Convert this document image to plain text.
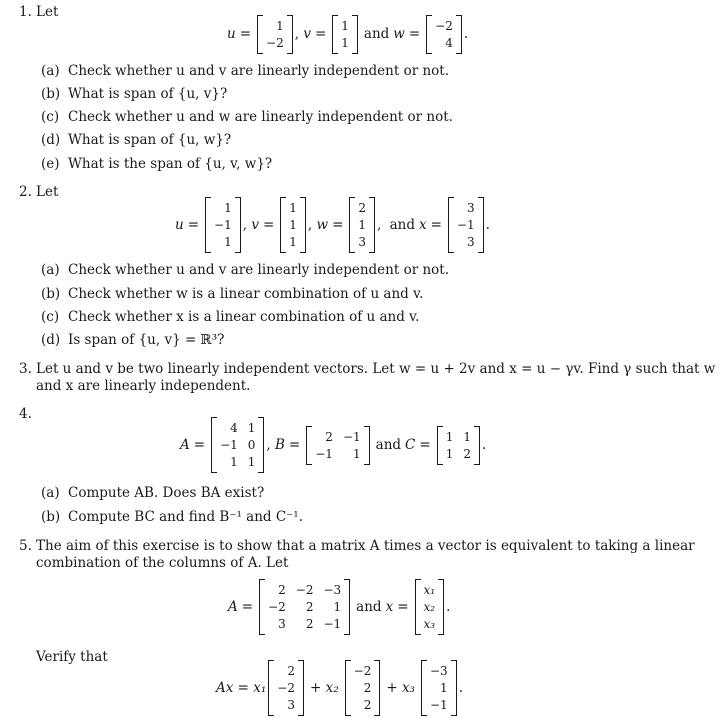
1. Let
u =
1
−2
, v =
1
1
and w =
−2
4
.
(a) Check whether u and v are linearly independent or not.
(b) What is span of {u, v}?
(c) Check whether u and w are linearly independent or not.
(d) What is span of {u, w}?
(e) What is the span of {u, v, w}?
2. Let
u =
1
−1
1
, v =
1
1
1
, w =
2
1
3
, and x =
3
−1
3
.
(a) Check whether u and v are linearly independent or not.
(b) Check whether w is a linear combination of u and v.
(c) Check whether x is a linear combination of u and v.
(d) Is span of {u, v} = ℝ³?
3. Let u and v be two linearly independent vectors. Let w = u + 2v and x = u − γv. Find γ such that w
and x are linearly independent.
4.
A =
4 1
−1 0
1 1
, B =
2 −1
−1	1
and C =
1 1
1 2
.
(a) Compute AB. Does BA exist?
(b) Compute BC and find B⁻¹ and C⁻¹.
5. The aim of this exercise is to show that a matrix A times a vector is equivalent to taking a linear
combination of the columns of A. Let
A =
2 −2 −3
−2	2	1
3	2 −1
and x =
x₁
x₂
x₃
.
Verify that
Ax = x₁
2
−2
3
+ x₂
−2
2
2
+ x₃
−3
1
−1
.
